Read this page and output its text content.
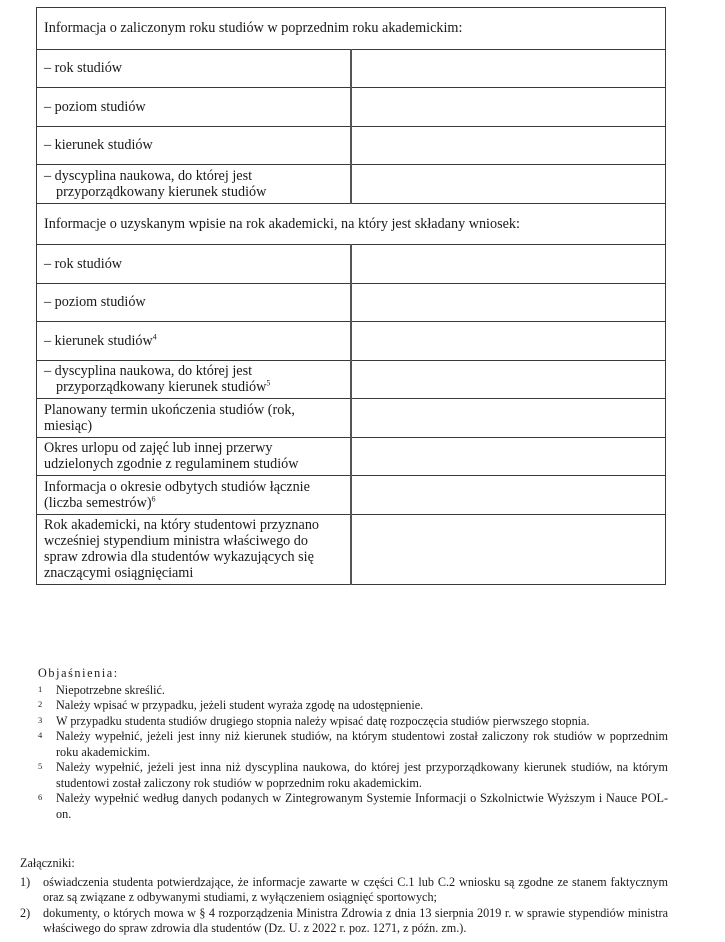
Informacja o zaliczonym roku studiów w poprzednim roku akademickim:	

– rok studiów	

– poziom studiów	

– kierunek studiów	

– dyscyplina naukowa, do której jest przyporządkowany kierunek studiów	

Informacje o uzyskanym wpisie na rok akademicki, na który jest składany wniosek:	

– rok studiów	

– poziom studiów	

– kierunek studiów$^4$

– dyscyplina naukowa, do której jest przyporządkowany kierunek studiów$^5$

Planowany termin ukończenia studiów (rok, miesiąc)	
Okres urlopu od zajęć lub innej przerwy udzielonych zgodnie z regulaminem studiów	
Informacja o okresie odbytych studiów łącznie (liczba semestrów)$^6$	
Rok akademicki, na który studentowi przyznano wcześniej stypendium ministra właściwego do spraw zdrowia dla studentów wykazujących się znaczącymi osiągnięciami	
Objaśnienia:
1	Niepotrzebne skreślić.
2	Należy wpisać w przypadku, jeżeli student wyraża zgodę na udostępnienie.
3	W przypadku studenta studiów drugiego stopnia należy wpisać datę rozpoczęcia studiów pierwszego stopnia.
4	Należy wypełnić, jeżeli jest inny niż kierunek studiów, na którym studentowi został zaliczony rok studiów w poprzednim roku akademickim.
5	Należy wypełnić, jeżeli jest inna niż dyscyplina naukowa, do której jest przyporządkowany kierunek studiów, na którym studentowi został zaliczony rok studiów w poprzednim roku akademickim.
6	Należy wypełnić według danych podanych w Zintegrowanym Systemie Informacji o Szkolnictwie Wyższym i Nauce POL-on.
Załączniki:
1)	oświadczenia studenta potwierdzające, że informacje zawarte w części C.1 lub C.2 wniosku są zgodne ze stanem faktycznym oraz są związane z odbywanymi studiami, z wyłączeniem osiągnięć sportowych;
2)	dokumenty, o których mowa w § 4 rozporządzenia Ministra Zdrowia z dnia 13 sierpnia 2019 r. w sprawie stypendiów ministra właściwego do spraw zdrowia dla studentów (Dz. U. z 2022 r. poz. 1271, z późn. zm.).
